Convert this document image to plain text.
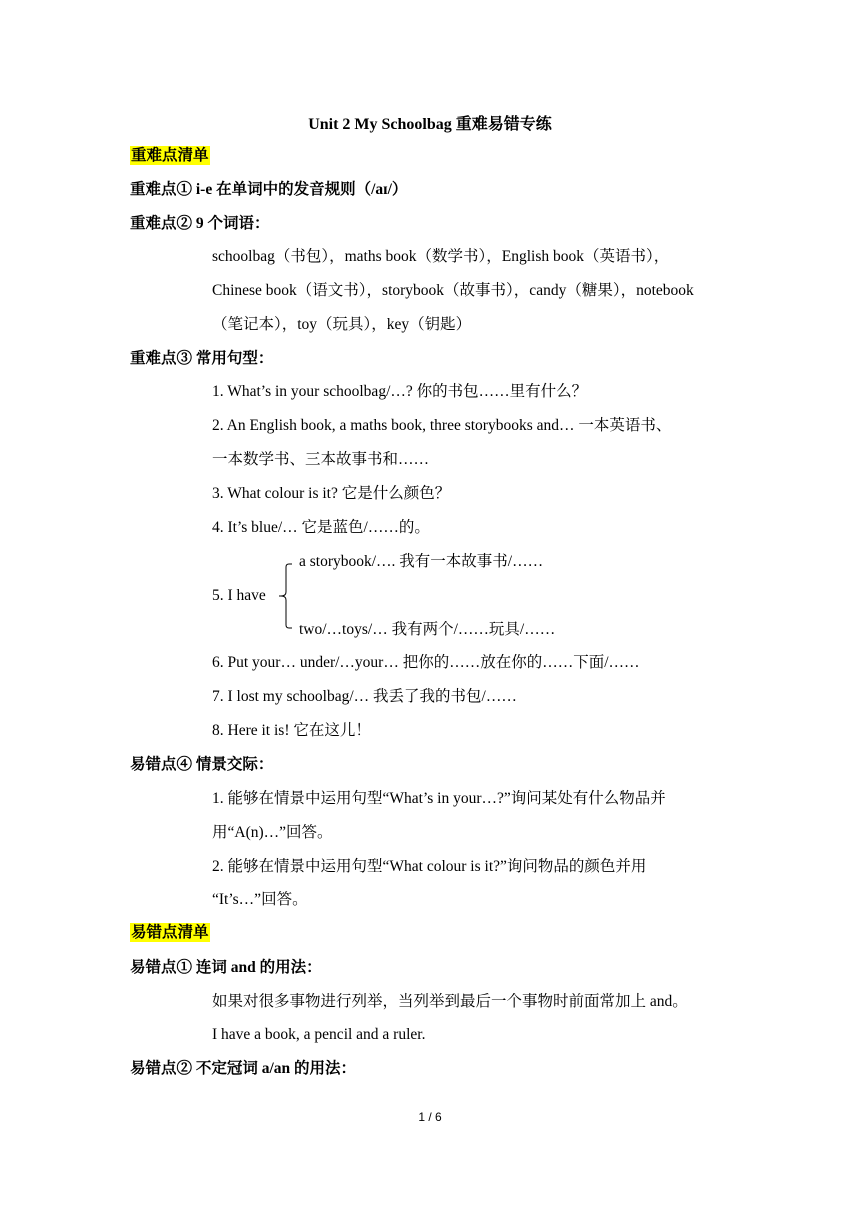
Unit 2 My Schoolbag 重难易错专练
重难点清单
重难点① i-e 在单词中的发音规则（/aɪ/）
重难点② 9 个词语：
schoolbag（书包），maths book（数学书），English book（英语书），
Chinese book（语文书），storybook（故事书），candy（糖果），notebook
（笔记本），toy（玩具），key（钥匙）
重难点③ 常用句型：
1. What’s in your schoolbag/…? 你的书包……里有什么？
2. An English book, a maths book, three storybooks and… 一本英语书、
一本数学书、三本故事书和……
3. What colour is it? 它是什么颜色？
4. It’s blue/… 它是蓝色/……的。
a storybook/…. 我有一本故事书/……
5. I have
two/…toys/… 我有两个/……玩具/……
6. Put your… under/…your… 把你的……放在你的……下面/……
7. I lost my schoolbag/… 我丢了我的书包/……
8. Here it is! 它在这儿！
易错点④ 情景交际：
1. 能够在情景中运用句型“What’s in your…?”询问某处有什么物品并
用“A(n)…”回答。
2. 能够在情景中运用句型“What colour is it?”询问物品的颜色并用
“It’s…”回答。
易错点清单
易错点① 连词 and 的用法：
如果对很多事物进行列举，当列举到最后一个事物时前面常加上 and。
I have a book, a pencil and a ruler.
易错点② 不定冠词 a/an 的用法：
1 / 6
